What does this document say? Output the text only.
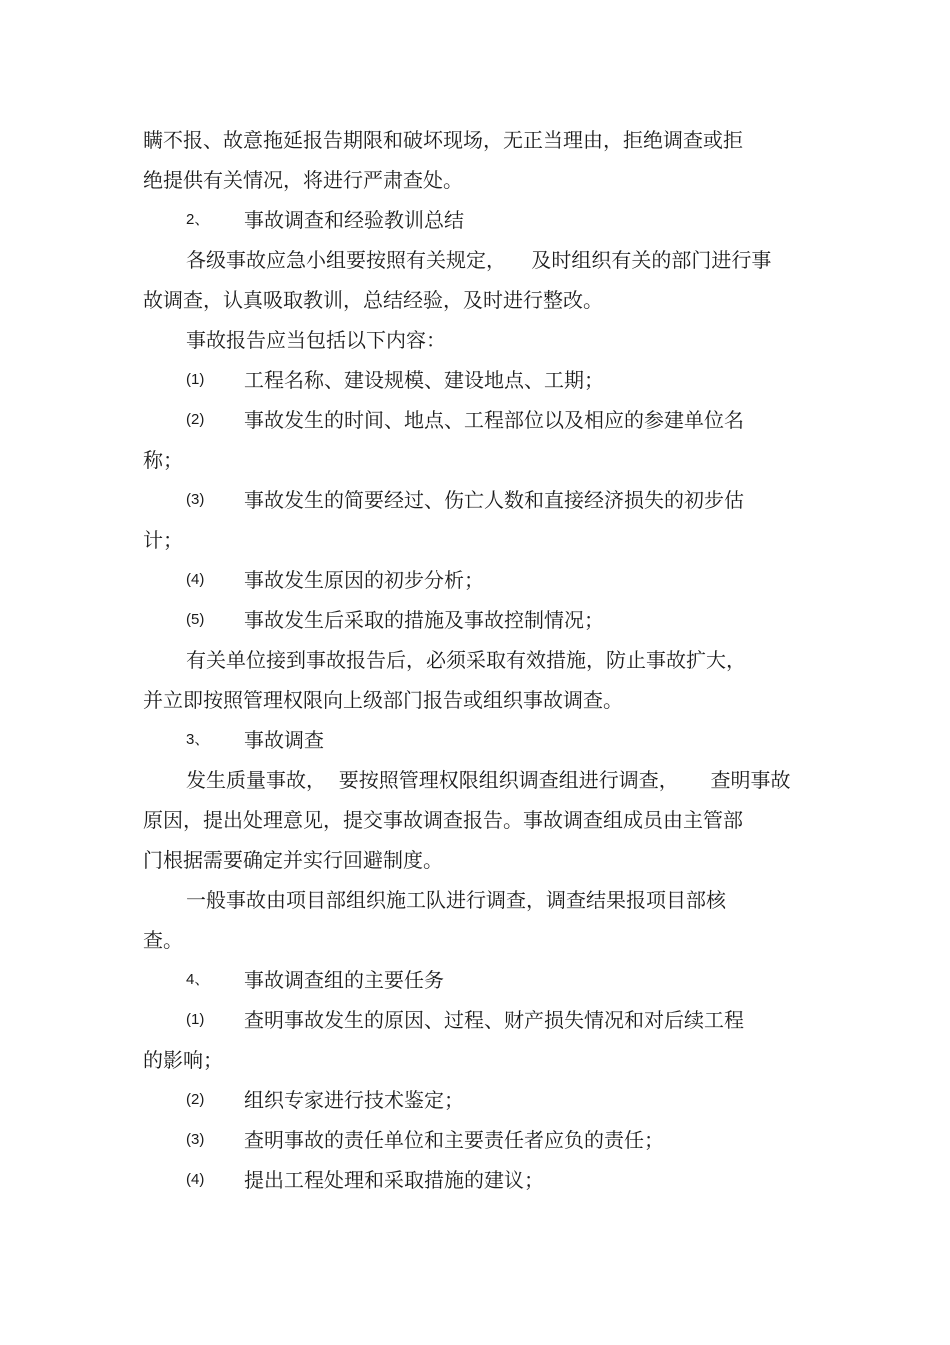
瞒不报、故意拖延报告期限和破坏现场，无正当理由，拒绝调查或拒
绝提供有关情况，将进行严肃查处。
2、 事故调查和经验教训总结
各级事故应急小组要按照有关规定，    及时组织有关的部门进行事
故调查，认真吸取教训，总结经验，及时进行整改。
事故报告应当包括以下内容：
(1) 工程名称、建设规模、建设地点、工期；
(2) 事故发生的时间、地点、工程部位以及相应的参建单位名
称；
(3) 事故发生的简要经过、伤亡人数和直接经济损失的初步估
计；
(4) 事故发生原因的初步分析；
(5) 事故发生后采取的措施及事故控制情况；
有关单位接到事故报告后，必须采取有效措施，防止事故扩大，
并立即按照管理权限向上级部门报告或组织事故调查。
3、 事故调查
发生质量事故，  要按照管理权限组织调查组进行调查，     查明事故
原因，提出处理意见，提交事故调查报告。事故调查组成员由主管部
门根据需要确定并实行回避制度。
一般事故由项目部组织施工队进行调查，调查结果报项目部核
查。
4、 事故调查组的主要任务
(1) 查明事故发生的原因、过程、财产损失情况和对后续工程
的影响；
(2) 组织专家进行技术鉴定；
(3) 查明事故的责任单位和主要责任者应负的责任；
(4) 提出工程处理和采取措施的建议；
